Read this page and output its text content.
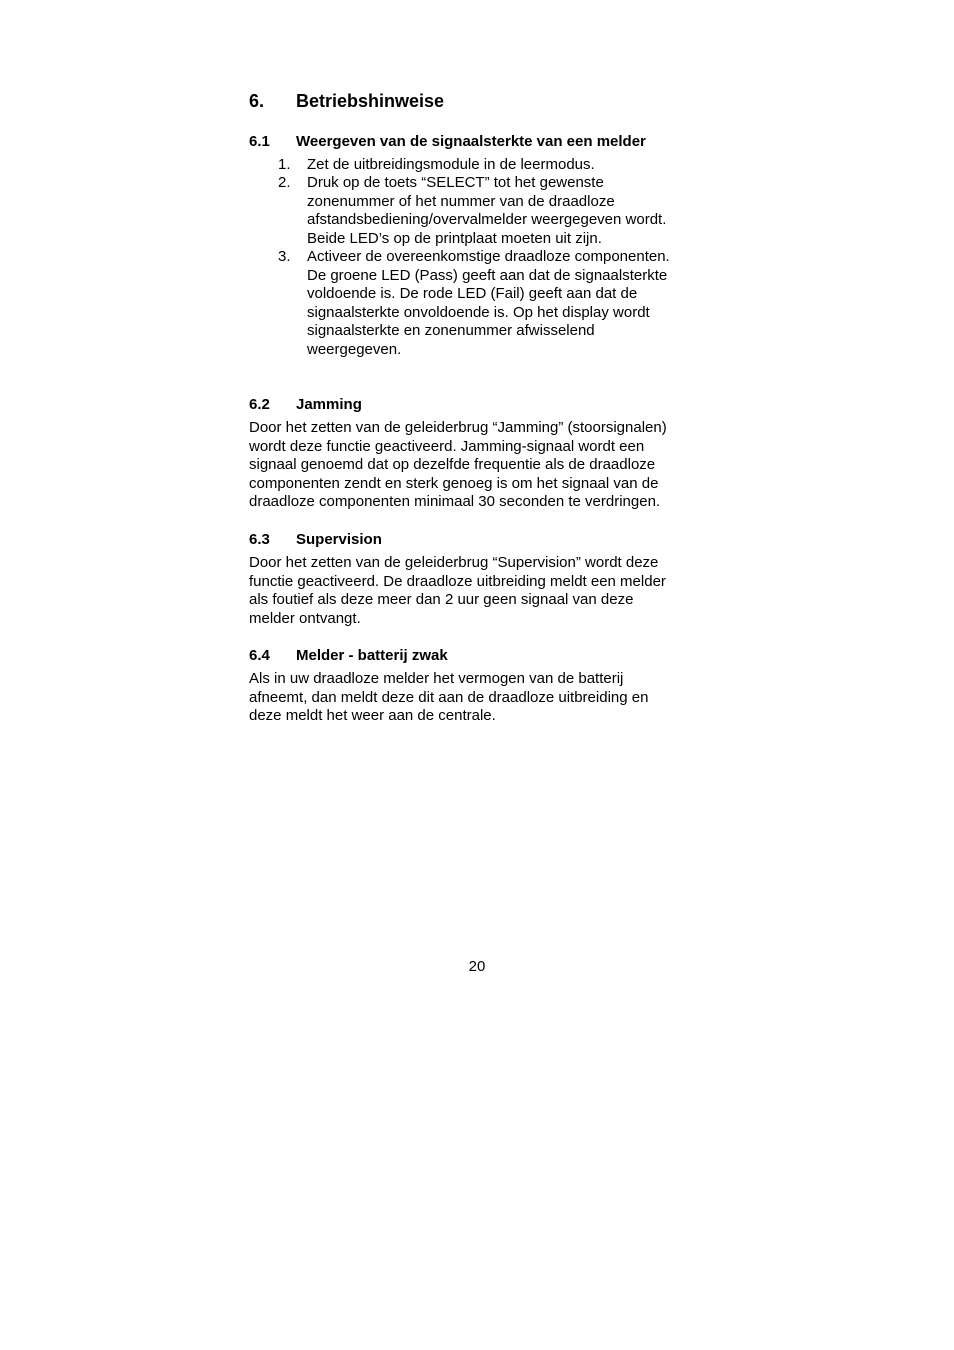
6. Betriebshinweise
6.1 Weergeven van de signaalsterkte van een melder
1. Zet de uitbreidingsmodule in de leermodus.
2. Druk op de toets “SELECT” tot het gewenste
zonenummer of het nummer van de draadloze
afstandsbediening/overvalmelder weergegeven wordt.
Beide LED’s op de printplaat moeten uit zijn.
3. Activeer de overeenkomstige draadloze componenten.
De groene LED (Pass) geeft aan dat de signaalsterkte
voldoende is. De rode LED (Fail) geeft aan dat de
signaalsterkte onvoldoende is. Op het display wordt
signaalsterkte en zonenummer afwisselend
weergegeven.
6.2 Jamming
Door het zetten van de geleiderbrug “Jamming” (stoorsignalen)
wordt deze functie geactiveerd. Jamming-signaal wordt een
signaal genoemd dat op dezelfde frequentie als de draadloze
componenten zendt en sterk genoeg is om het signaal van de
draadloze componenten minimaal 30 seconden te verdringen.
6.3 Supervision
Door het zetten van de geleiderbrug “Supervision” wordt deze
functie geactiveerd. De draadloze uitbreiding meldt een melder
als foutief als deze meer dan 2 uur geen signaal van deze
melder ontvangt.
6.4 Melder - batterij zwak
Als in uw draadloze melder het vermogen van de batterij
afneemt, dan meldt deze dit aan de draadloze uitbreiding en
deze meldt het weer aan de centrale.
20
